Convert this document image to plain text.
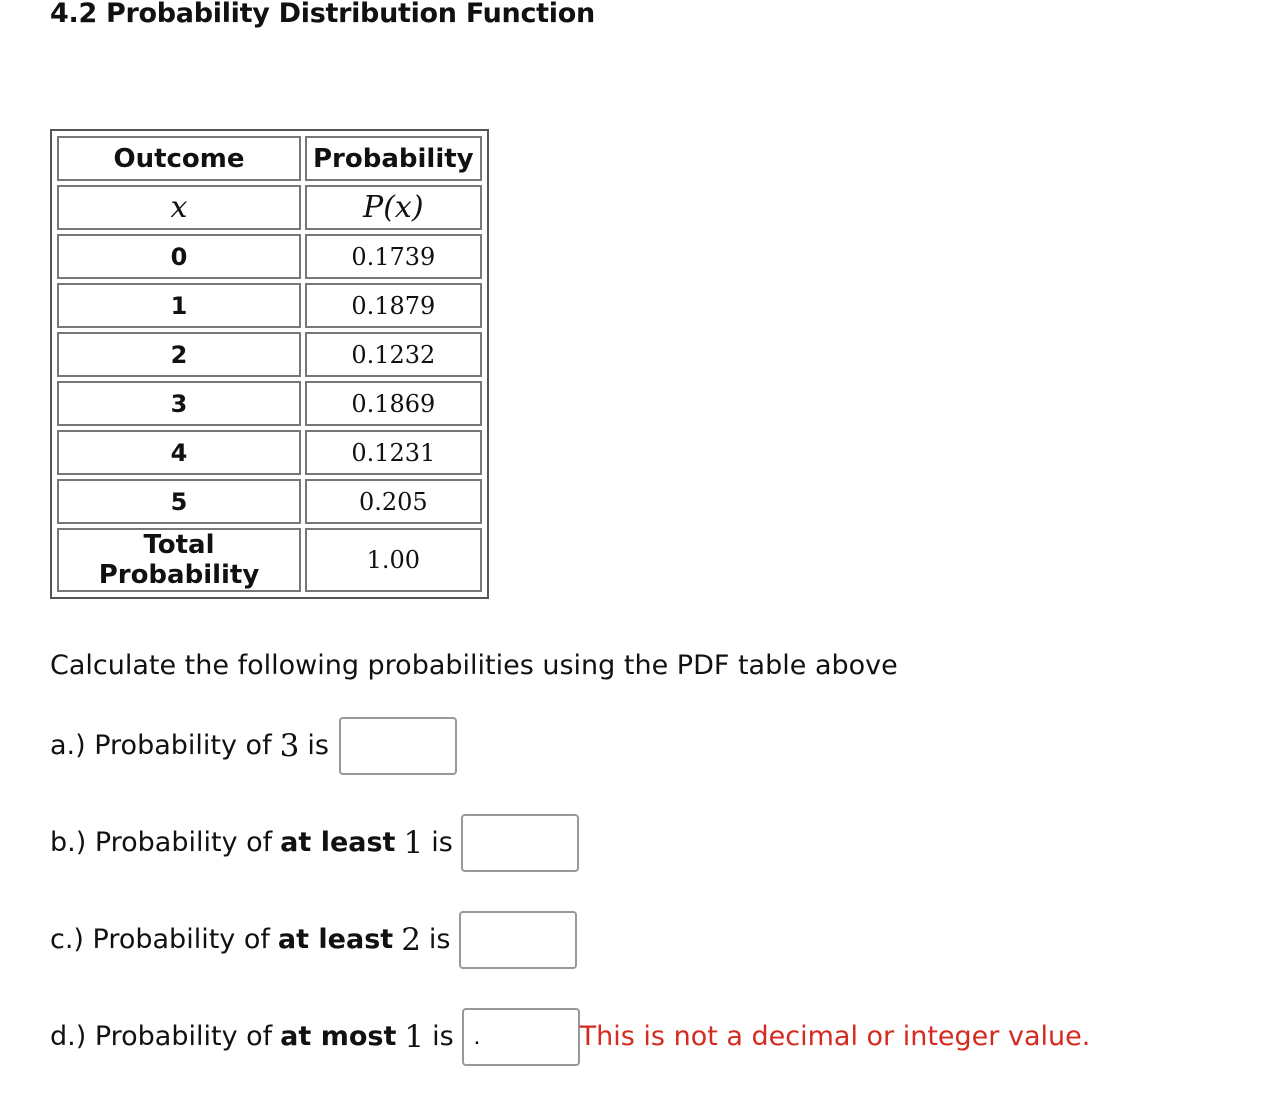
4.2 Probability Distribution Function
Outcome	Probability
x	P(x)
0	0.1739
1	0.1879
2	0.1232
3	0.1869
4	0.1231
5	0.205
Total Probability	1.00

Calculate the following probabilities using the PDF table above

a.) Probability of 3 is
b.) Probability of at least 1 is
c.) Probability of at least 2 is
d.) Probability of at most 1 is
.	This is not a decimal or integer value.
